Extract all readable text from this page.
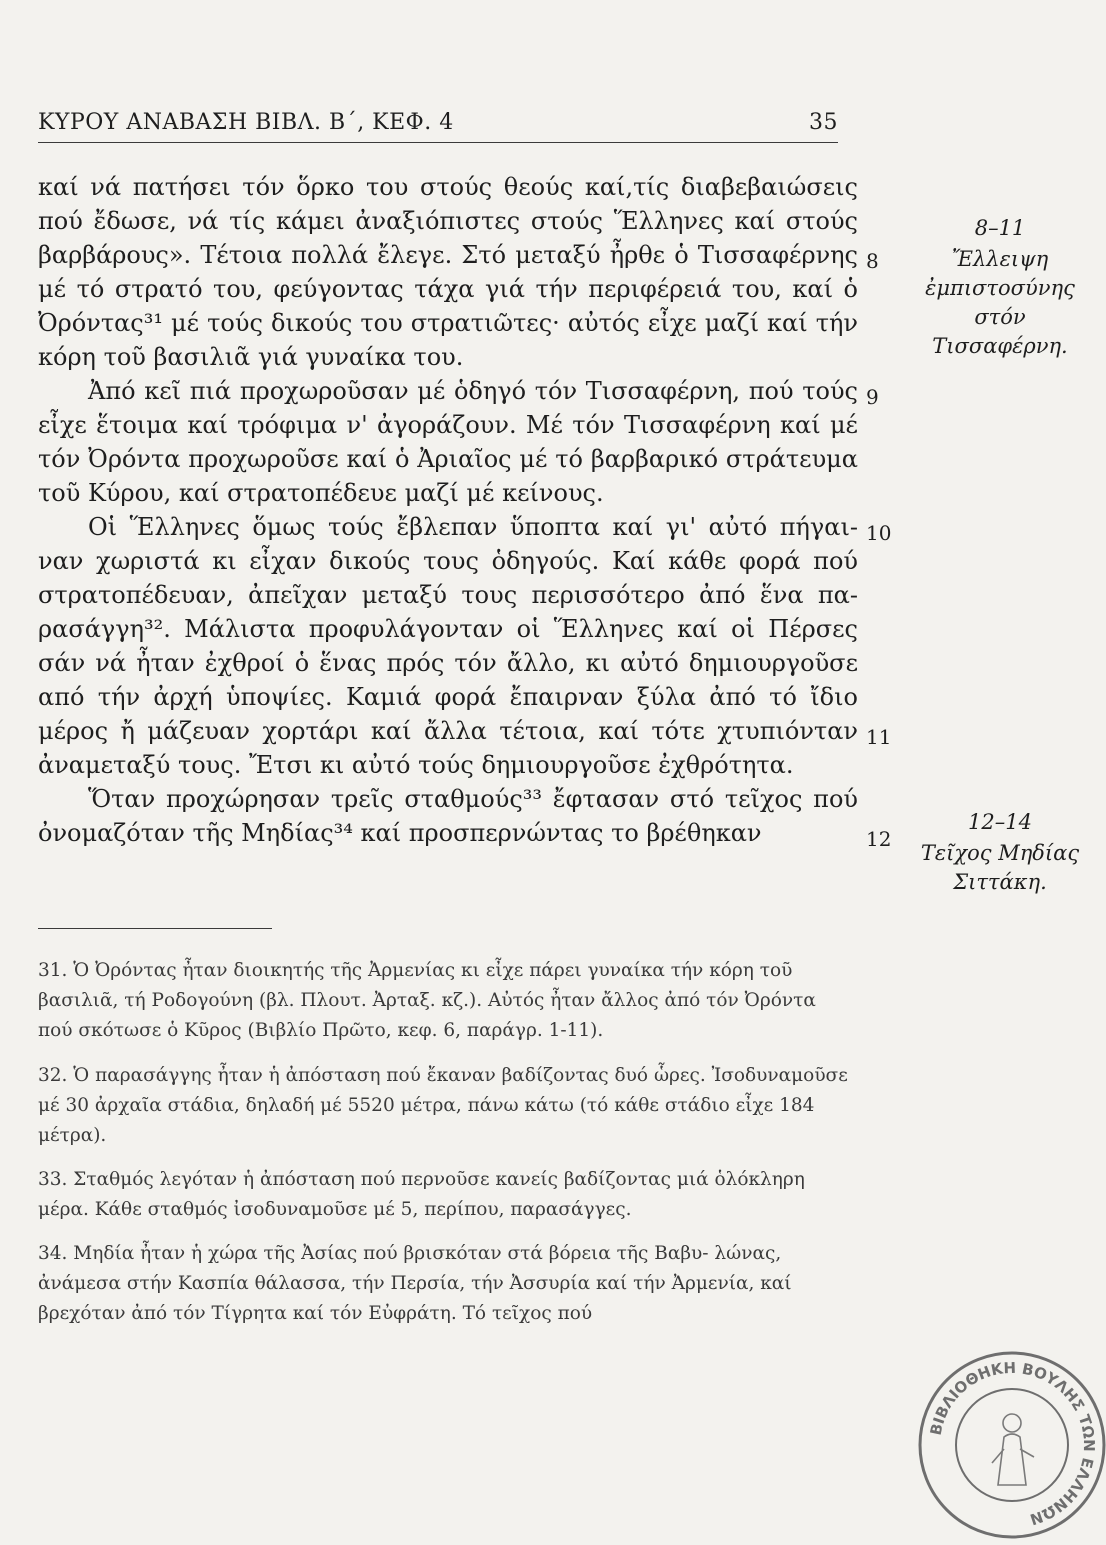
ΚΥΡΟΥ ΑΝΑΒΑΣΗ ΒΙΒΛ. Β΄, ΚΕΦ. 4	35

καί νά πατήσει τόν ὅρκο του στούς θεούς καί,τίς διαβεβαιώσεις πού ἔδωσε, νά τίς κάμει ἀναξιόπιστες στούς Ἕλληνες καί στούς βαρβάρους». Τέτοια πολλά ἔλεγε. Στό μεταξύ ἦρθε ὁ Τισσαφέρνης μέ τό στρατό του, φεύγοντας τάχα γιά τήν περιφέρειά του, καί ὁ Ὀρόντας³¹ μέ τούς δικούς του στρατιῶτες· αὐτός εἶχε μαζί καί τήν κόρη τοῦ βασιλιᾶ γιά γυναίκα του.

Ἀπό κεῖ πιά προχωροῦσαν μέ ὁδηγό τόν Τισσαφέρνη, πού τούς εἶχε ἕτοιμα καί τρόφιμα ν' ἀγοράζουν. Μέ τόν Τισσαφέρνη καί μέ τόν Ὀρόντα προχωροῦσε καί ὁ Ἀριαῖος μέ τό βαρβαρικό στράτευμα τοῦ Κύρου, καί στρατοπέδευε μαζί μέ κείνους.

Οἱ Ἕλληνες ὅμως τούς ἔβλεπαν ὕποπτα καί γι' αὐτό πήγαι- ναν χωριστά κι εἶχαν δικούς τους ὁδηγούς. Καί κάθε φορά πού στρατοπέδευαν, ἀπεῖχαν μεταξύ τους περισσότερο ἀπό ἕνα πα- ρασάγγη³². Μάλιστα προφυλάγονταν οἱ Ἕλληνες καί οἱ Πέρσες σάν νά ἦταν ἐχθροί ὁ ἕνας πρός τόν ἄλλο, κι αὐτό δημιουργοῦσε από τήν ἀρχή ὑποψίες. Καμιά φορά ἔπαιρναν ξύλα ἀπό τό ἴδιο μέρος ἤ μάζευαν χορτάρι καί ἄλλα τέτοια, καί τότε χτυπιόνταν ἀναμεταξύ τους. Ἔτσι κι αὐτό τούς δημιουργοῦσε ἐχθρότητα.

Ὅταν προχώρησαν τρεῖς σταθμούς³³ ἔφτασαν στό τεῖχος πού ὀνομαζόταν τῆς Μηδίας³⁴ καί προσπερνώντας το βρέθηκαν

8
9
10
11
12
8–11
Ἔλλειψη
ἐμπιστοσύνης
στόν
Τισσαφέρνη.
12–14
Τεῖχος Μηδίας
Σιττάκη.

31. Ὁ Ὀρόντας ἦταν διοικητής τῆς Ἀρμενίας κι εἶχε πάρει γυναίκα τήν κόρη τοῦ βασιλιᾶ, τή Ροδογούνη (βλ. Πλουτ. Ἀρταξ. κζ.). Αὐτός ἦταν ἄλλος ἀπό τόν Ὀρόντα πού σκότωσε ὁ Κῦρος (Βιβλίο Πρῶτο, κεφ. 6, παράγρ. 1-11).

32. Ὁ παρασάγγης ἦταν ἡ ἀπόσταση πού ἔκαναν βαδίζοντας δυό ὧρες. Ἰσοδυναμοῦσε μέ 30 ἀρχαῖα στάδια, δηλαδή μέ 5520 μέτρα, πάνω κάτω (τό κάθε στάδιο εἶχε 184 μέτρα).

33. Σταθμός λεγόταν ἡ ἀπόσταση πού περνοῦσε κανείς βαδίζοντας μιά ὁλόκληρη μέρα. Κάθε σταθμός ἰσοδυναμοῦσε μέ 5, περίπου, παρασάγγες.

34. Μηδία ἦταν ἡ χώρα τῆς Ἀσίας πού βρισκόταν στά βόρεια τῆς Βαβυ- λώνας, ἀνάμεσα στήν Κασπία θάλασσα, τήν Περσία, τήν Ἀσσυρία καί τήν Ἀρμενία, καί βρεχόταν ἀπό τόν Τίγρητα καί τόν Εὐφράτη. Τό τεῖχος πού

ΒΙΒΛΙΟΘΗΚΗ ΒΟΥΛΗΣ ΤΩΝ ΕΛΛΗΝΩΝ
